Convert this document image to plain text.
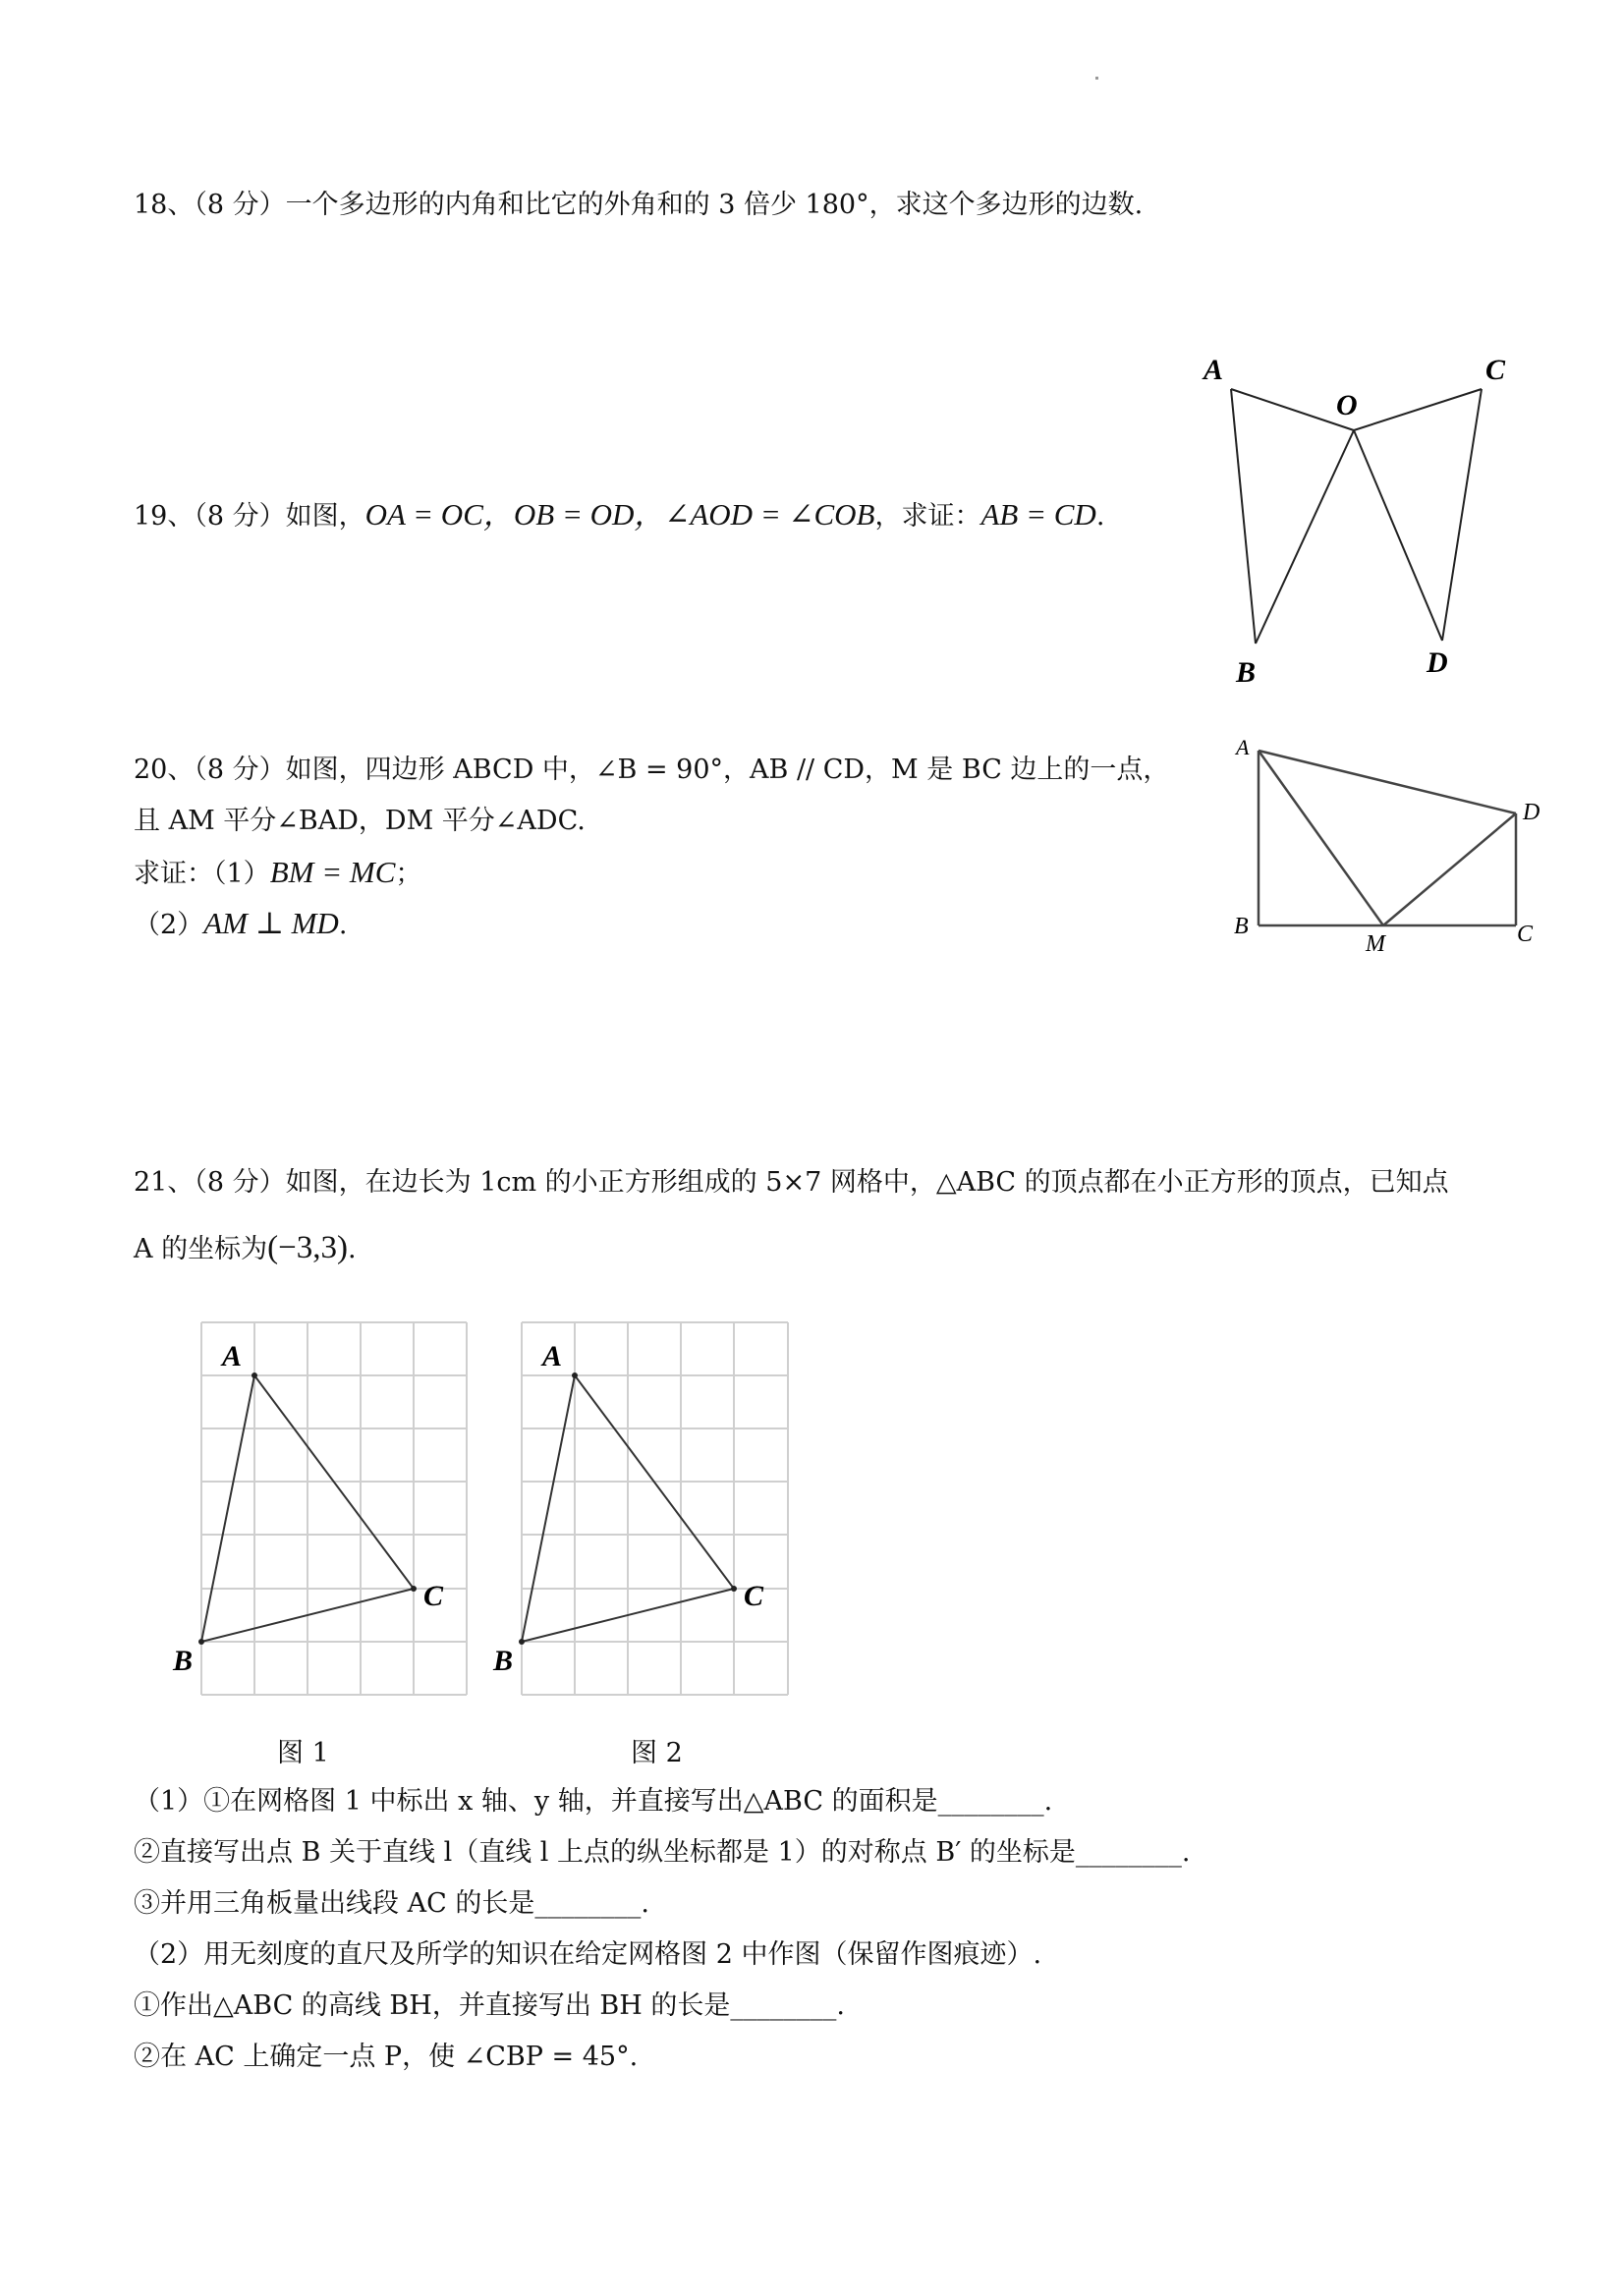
18、（8 分）一个多边形的内角和比它的外角和的 3 倍少 180°，求这个多边形的边数.
19、（8 分）如图，OA = OC，OB = OD，∠AOD = ∠COB，求证：AB = CD.
A
O
C
B	D
20、（8 分）如图，四边形 ABCD 中，∠B = 90°，AB // CD，M 是 BC 边上的一点，
且 AM 平分∠BAD，DM 平分∠ADC.
求证：（1）BM = MC；
（2）AM ⊥ MD.
A
D
B
M	C
21、（8 分）如图，在边长为 1cm 的小正方形组成的 5×7 网格中，△ABC 的顶点都在小正方形的顶点，已知点
A 的坐标为(−3,3).
A
B
C
A
B
C
图 1	图 2
（1）①在网格图 1 中标出 x 轴、y 轴，并直接写出△ABC 的面积是________.
②直接写出点 B 关于直线 l（直线 l 上点的纵坐标都是 1）的对称点 B′ 的坐标是________.
③并用三角板量出线段 AC 的长是________.
（2）用无刻度的直尺及所学的知识在给定网格图 2 中作图（保留作图痕迹）.
①作出△ABC 的高线 BH，并直接写出 BH 的长是________.
②在 AC 上确定一点 P，使 ∠CBP = 45°.
